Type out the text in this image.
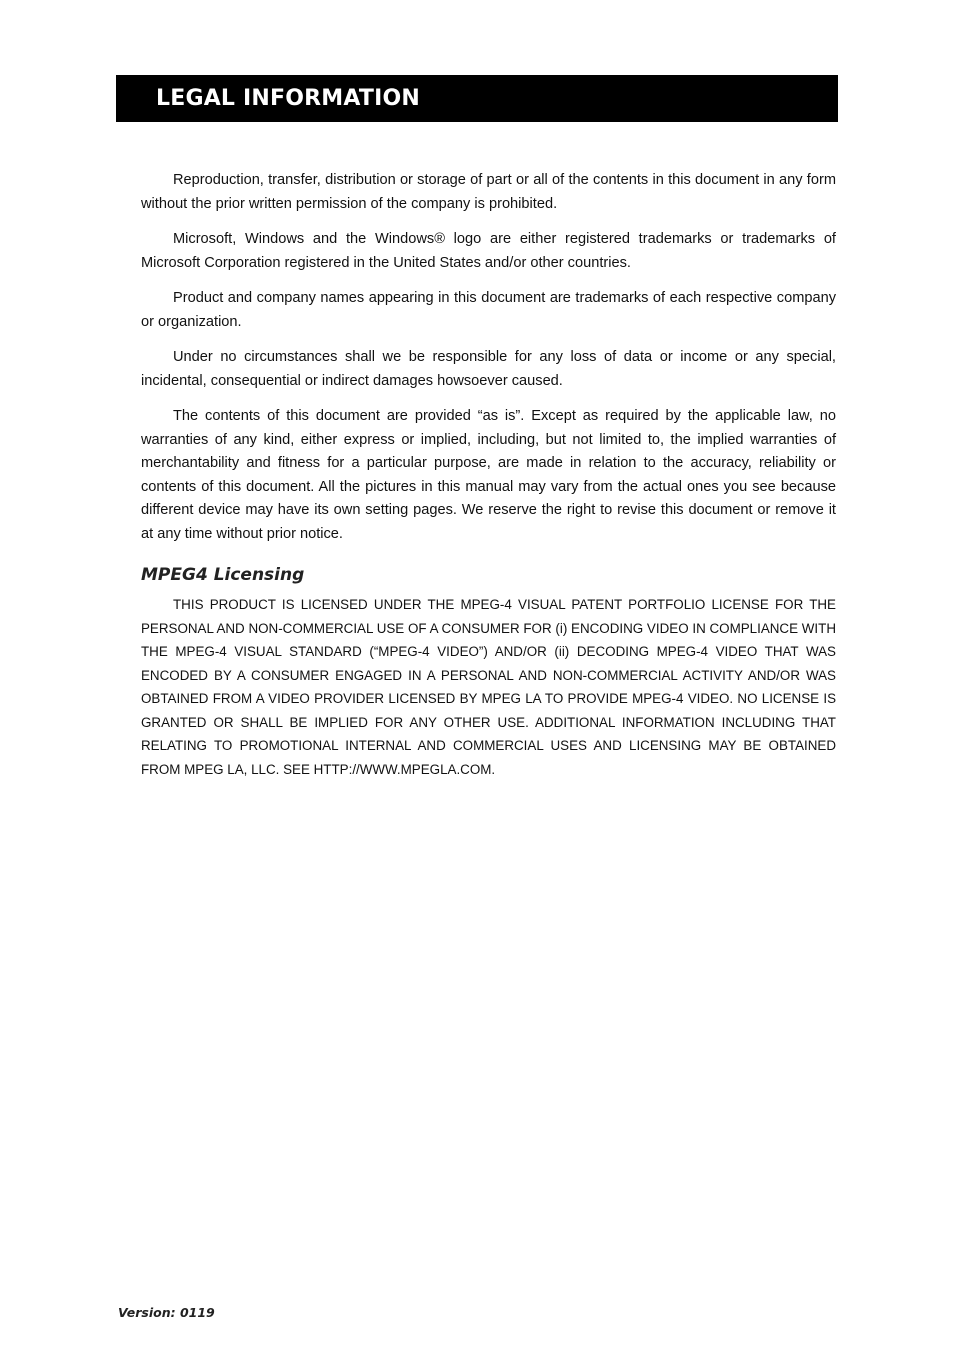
LEGAL INFORMATION

Reproduction, transfer, distribution or storage of part or all of the contents in this document in any form without the prior written permission of the company is prohibited.

Microsoft, Windows and the Windows® logo are either registered trademarks or trademarks of Microsoft Corporation registered in the United States and/or other countries.

Product and company names appearing in this document are trademarks of each respective company or organization.

Under no circumstances shall we be responsible for any loss of data or income or any special, incidental, consequential or indirect damages howsoever caused.

The contents of this document are provided “as is”. Except as required by the applicable law, no warranties of any kind, either express or implied, including, but not limited to, the implied warranties of merchantability and fitness for a particular purpose, are made in relation to the accuracy, reliability or contents of this document. All the pictures in this manual may vary from the actual ones you see because different device may have its own setting pages. We reserve the right to revise this document or remove it at any time without prior notice.

MPEG4 Licensing

THIS PRODUCT IS LICENSED UNDER THE MPEG-4 VISUAL PATENT PORTFOLIO LICENSE FOR THE PERSONAL AND NON-COMMERCIAL USE OF A CONSUMER FOR (i) ENCODING VIDEO IN COMPLIANCE WITH THE MPEG-4 VISUAL STANDARD (“MPEG-4 VIDEO”) AND/OR (ii) DECODING MPEG-4 VIDEO THAT WAS ENCODED BY A CONSUMER ENGAGED IN A PERSONAL AND NON-COMMERCIAL ACTIVITY AND/OR WAS OBTAINED FROM A VIDEO PROVIDER LICENSED BY MPEG LA TO PROVIDE MPEG-4 VIDEO. NO LICENSE IS GRANTED OR SHALL BE IMPLIED FOR ANY OTHER USE. ADDITIONAL INFORMATION INCLUDING THAT RELATING TO PROMOTIONAL INTERNAL AND COMMERCIAL USES AND LICENSING MAY BE OBTAINED FROM MPEG LA, LLC. SEE HTTP://WWW.MPEGLA.COM.

Version: 0119
